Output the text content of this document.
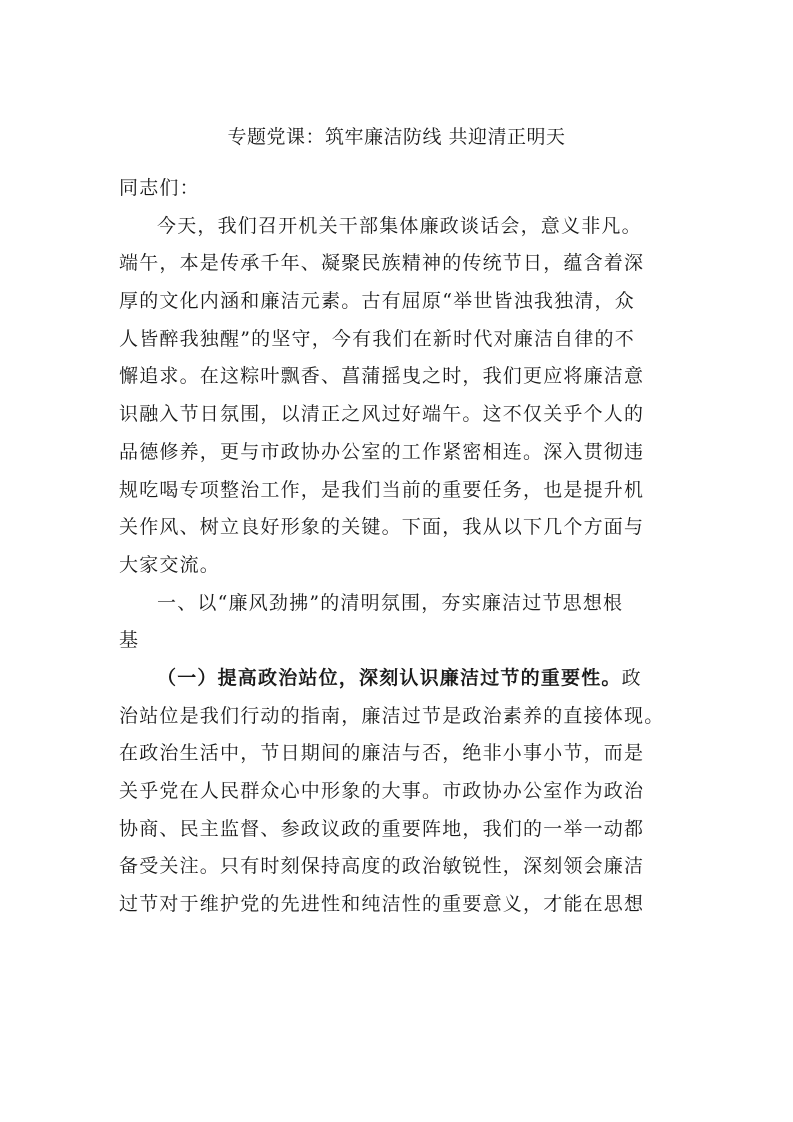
专题党课：筑牢廉洁防线 共迎清正明天
同志们：
今天，我们召开机关干部集体廉政谈话会，意义非凡。
端午，本是传承千年、凝聚民族精神的传统节日，蕴含着深
厚的文化内涵和廉洁元素。古有屈原“举世皆浊我独清，众
人皆醉我独醒”的坚守，今有我们在新时代对廉洁自律的不
懈追求。在这粽叶飘香、菖蒲摇曳之时，我们更应将廉洁意
识融入节日氛围，以清正之风过好端午。这不仅关乎个人的
品德修养，更与市政协办公室的工作紧密相连。深入贯彻违
规吃喝专项整治工作，是我们当前的重要任务，也是提升机
关作风、树立良好形象的关键。下面，我从以下几个方面与
大家交流。
一、以“廉风劲拂”的清明氛围，夯实廉洁过节思想根
基
（一）提高政治站位，深刻认识廉洁过节的重要性。政
治站位是我们行动的指南，廉洁过节是政治素养的直接体现。
在政治生活中，节日期间的廉洁与否，绝非小事小节，而是
关乎党在人民群众心中形象的大事。市政协办公室作为政治
协商、民主监督、参政议政的重要阵地，我们的一举一动都
备受关注。只有时刻保持高度的政治敏锐性，深刻领会廉洁
过节对于维护党的先进性和纯洁性的重要意义，才能在思想
